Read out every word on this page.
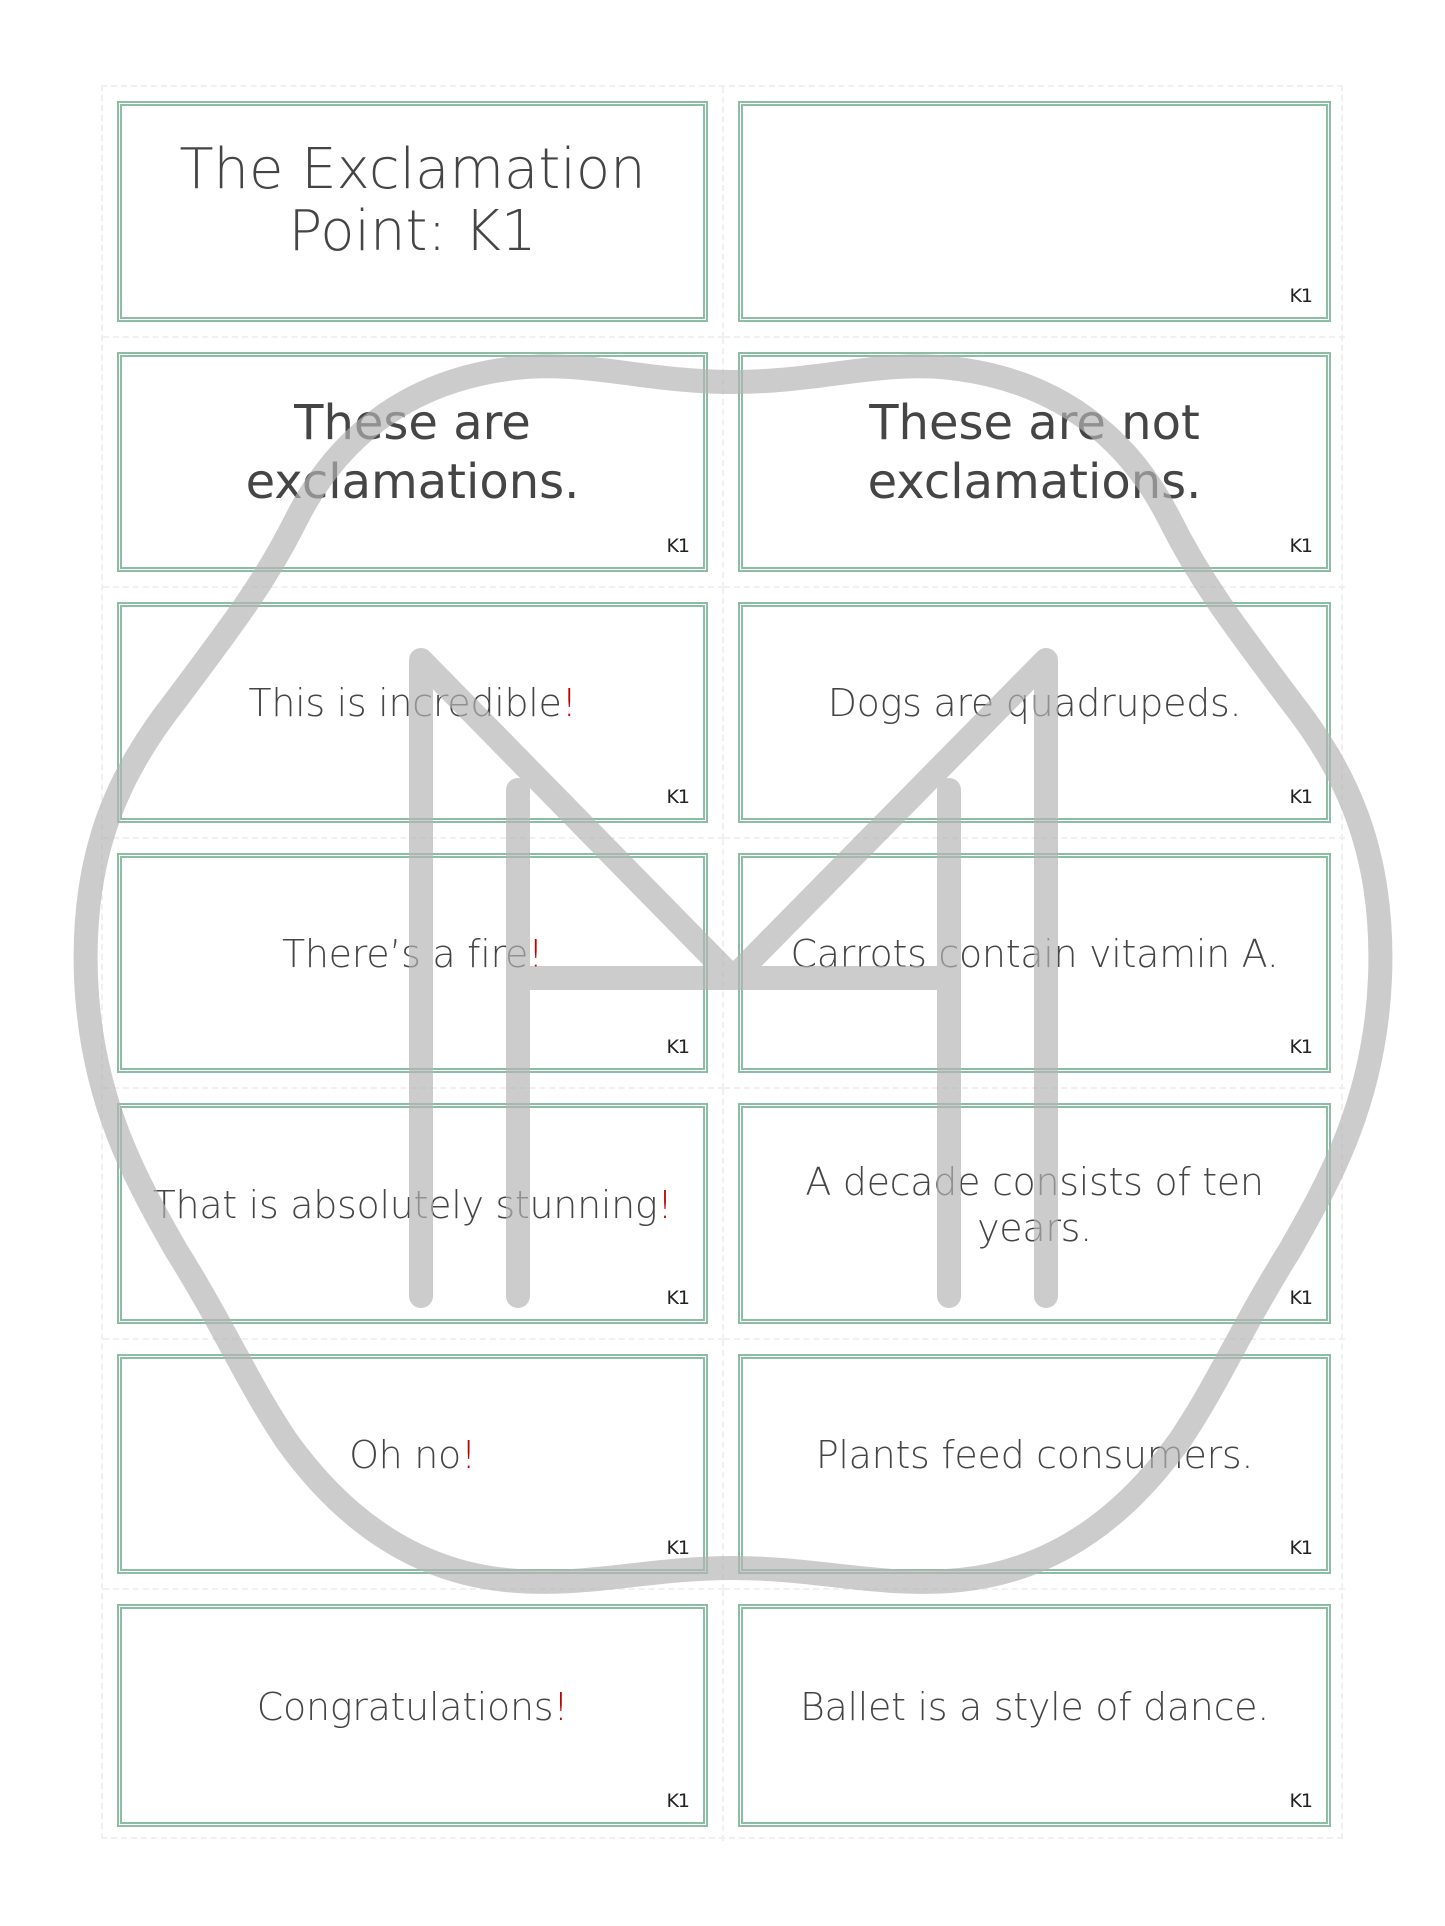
The Exclamation
Point: K1
K1
These are
exclamations.
K1
These are not
exclamations.
K1
This is incredible!
K1
Dogs are quadrupeds.
K1
There’s a fire!
K1
Carrots contain vitamin A.
K1
That is absolutely stunning!
K1
A decade consists of ten years.
K1
Oh no!
K1
Plants feed consumers.
K1
Congratulations!
K1
Ballet is a style of dance.
K1
